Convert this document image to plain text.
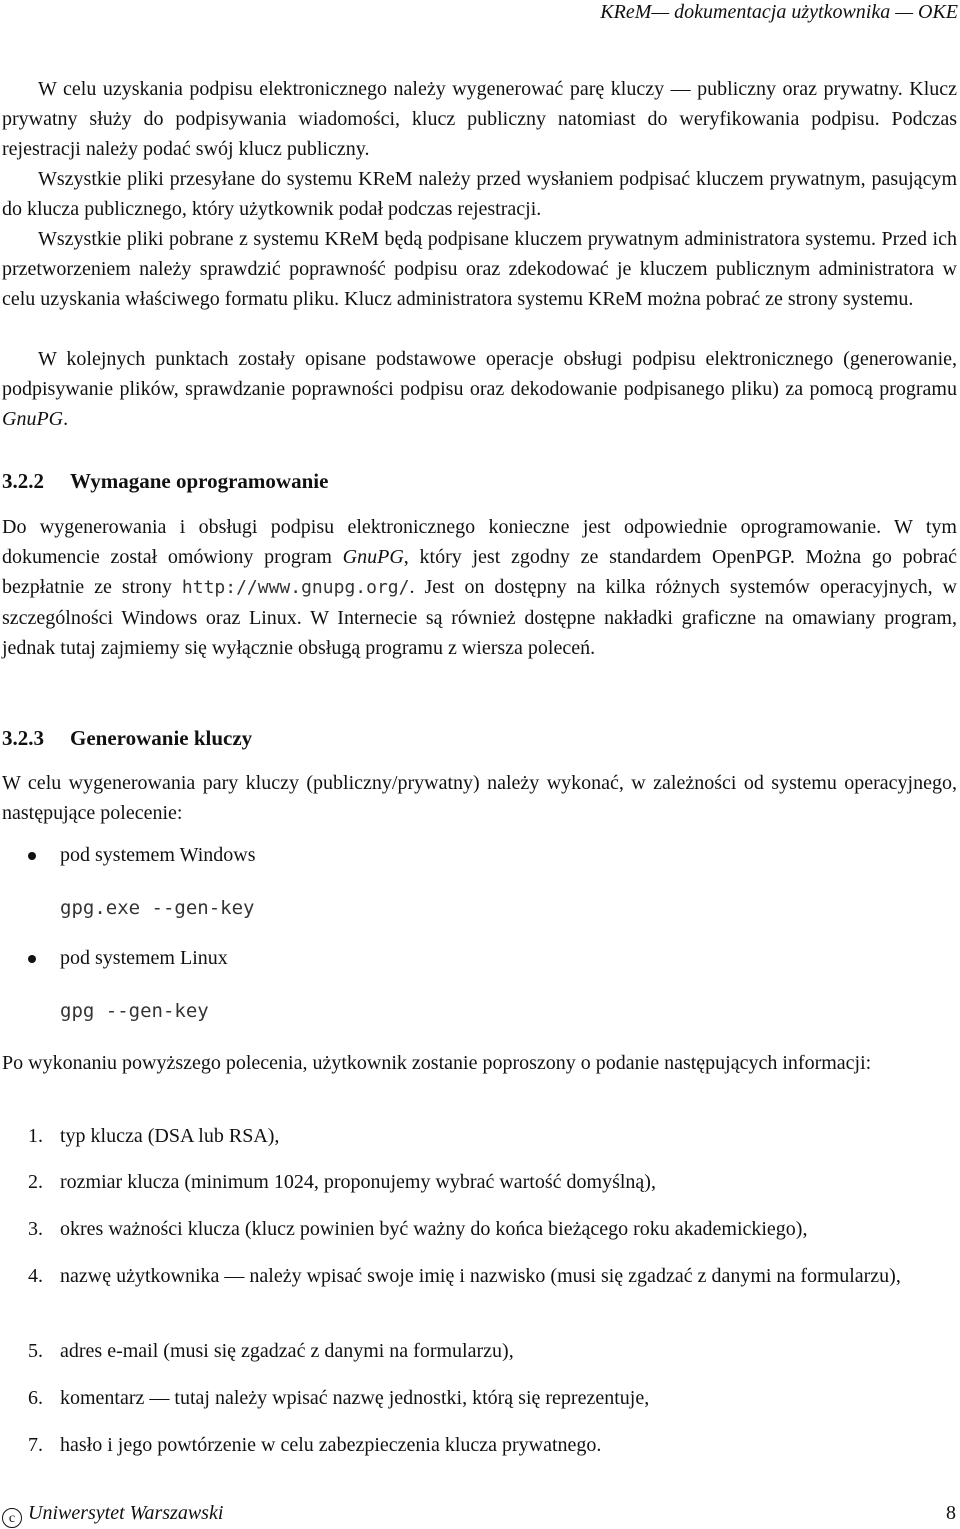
KReM— dokumentacja użytkownika — OKE

W celu uzyskania podpisu elektronicznego należy wygenerować parę kluczy — publiczny oraz prywatny. Klucz prywatny służy do podpisywania wiadomości, klucz publiczny natomiast do weryfikowania podpisu. Podczas rejestracji należy podać swój klucz publiczny.

Wszystkie pliki przesyłane do systemu KReM należy przed wysłaniem podpisać kluczem prywatnym, pasującym do klucza publicznego, który użytkownik podał podczas rejestracji.

Wszystkie pliki pobrane z systemu KReM będą podpisane kluczem prywatnym administratora systemu. Przed ich przetworzeniem należy sprawdzić poprawność podpisu oraz zdekodować je kluczem publicznym administratora w celu uzyskania właściwego formatu pliku. Klucz administratora systemu KReM można pobrać ze strony systemu.

W kolejnych punktach zostały opisane podstawowe operacje obsługi podpisu elektronicznego (generowanie, podpisywanie plików, sprawdzanie poprawności podpisu oraz dekodowanie podpisanego pliku) za pomocą programu GnuPG.

3.2.2 Wymagane oprogramowanie

Do wygenerowania i obsługi podpisu elektronicznego konieczne jest odpowiednie oprogramowanie. W tym dokumencie został omówiony program GnuPG, który jest zgodny ze standardem OpenPGP. Można go pobrać bezpłatnie ze strony http://www.gnupg.org/. Jest on dostępny na kilka różnych systemów operacyjnych, w szczególności Windows oraz Linux. W Internecie są również dostępne nakładki graficzne na omawiany program, jednak tutaj zajmiemy się wyłącznie obsługą programu z wiersza poleceń.

3.2.3 Generowanie kluczy

W celu wygenerowania pary kluczy (publiczny/prywatny) należy wykonać, w zależności od systemu operacyjnego, następujące polecenie:

pod systemem Windows
gpg.exe --gen-key
pod systemem Linux
gpg --gen-key

Po wykonaniu powyższego polecenia, użytkownik zostanie poproszony o podanie następujących informacji:

1. typ klucza (DSA lub RSA),
2. rozmiar klucza (minimum 1024, proponujemy wybrać wartość domyślną),
3. okres ważności klucza (klucz powinien być ważny do końca bieżącego roku akademickiego),
4. nazwę użytkownika — należy wpisać swoje imię i nazwisko (musi się zgadzać z danymi na formularzu),
5. adres e-mail (musi się zgadzać z danymi na formularzu),
6. komentarz — tutaj należy wpisać nazwę jednostki, którą się reprezentuje,
7. hasło i jego powtórzenie w celu zabezpieczenia klucza prywatnego.
c Uniwersytet Warszawski	8
